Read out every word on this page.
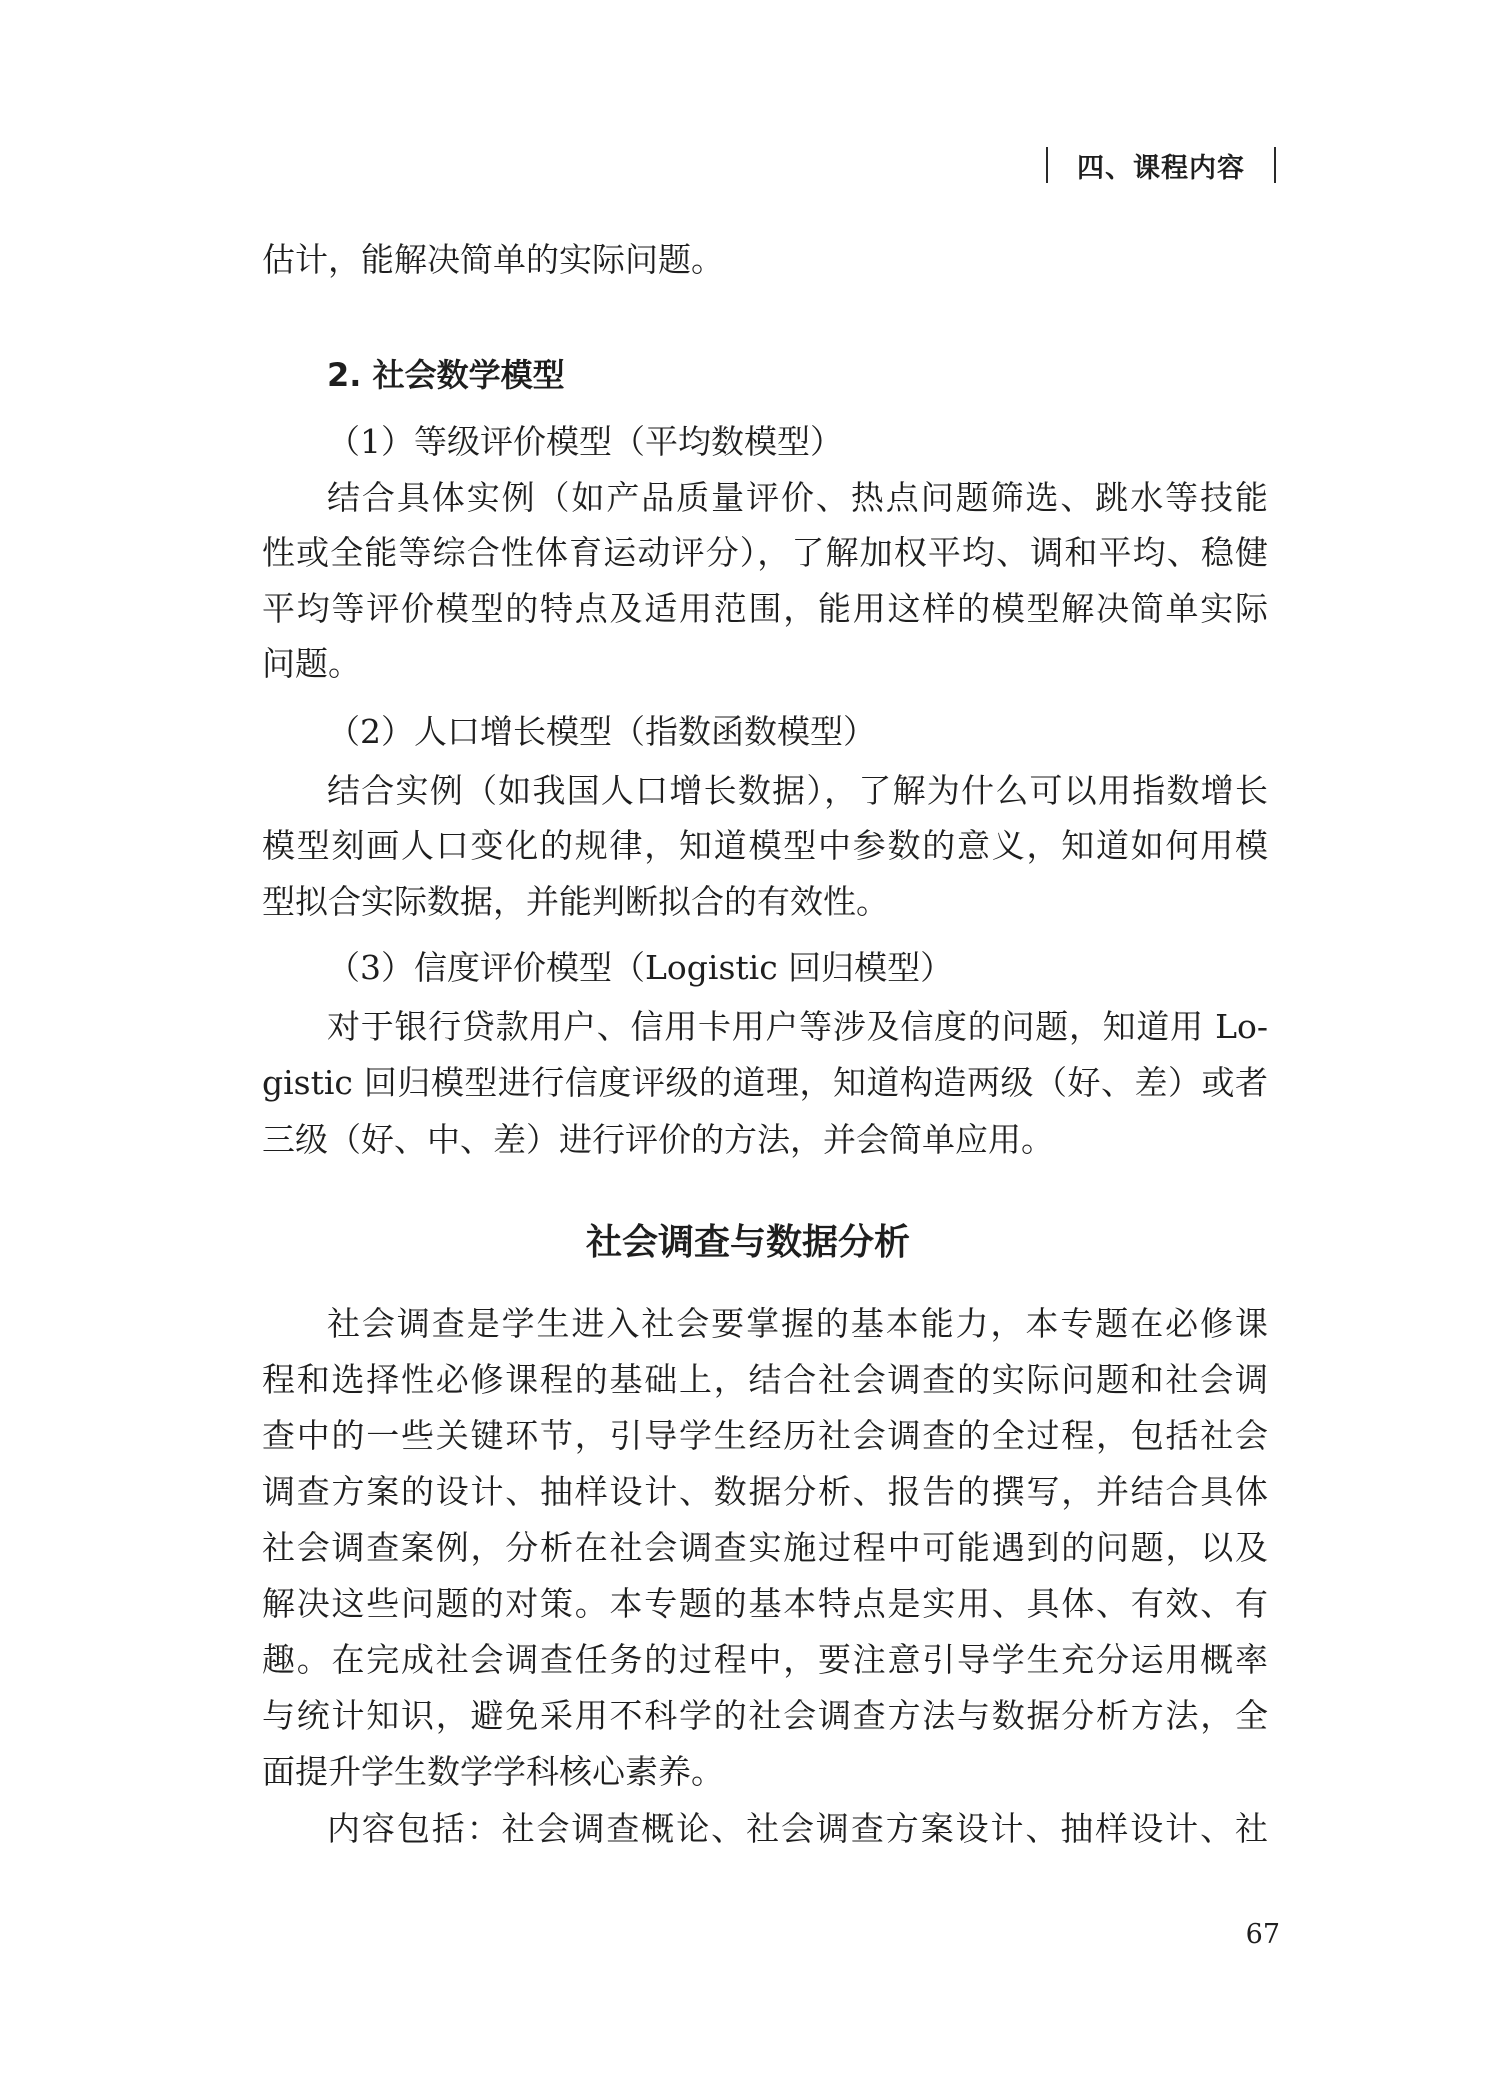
四、课程内容
估计，能解决简单的实际问题。
2. 社会数学模型
（1）等级评价模型（平均数模型）
结合具体实例（如产品质量评价、热点问题筛选、跳水等技能
性或全能等综合性体育运动评分），了解加权平均、调和平均、稳健
平均等评价模型的特点及适用范围，能用这样的模型解决简单实际
问题。
（2）人口增长模型（指数函数模型）
结合实例（如我国人口增长数据），了解为什么可以用指数增长
模型刻画人口变化的规律，知道模型中参数的意义，知道如何用模
型拟合实际数据，并能判断拟合的有效性。
（3）信度评价模型（Logistic 回归模型）
对于银行贷款用户、信用卡用户等涉及信度的问题，知道用 Lo-
gistic 回归模型进行信度评级的道理，知道构造两级（好、差）或者
三级（好、中、差）进行评价的方法，并会简单应用。
社会调查与数据分析
社会调查是学生进入社会要掌握的基本能力，本专题在必修课
程和选择性必修课程的基础上，结合社会调查的实际问题和社会调
查中的一些关键环节，引导学生经历社会调查的全过程，包括社会
调查方案的设计、抽样设计、数据分析、报告的撰写，并结合具体
社会调查案例，分析在社会调查实施过程中可能遇到的问题，以及
解决这些问题的对策。本专题的基本特点是实用、具体、有效、有
趣。在完成社会调查任务的过程中，要注意引导学生充分运用概率
与统计知识，避免采用不科学的社会调查方法与数据分析方法，全
面提升学生数学学科核心素养。
内容包括：社会调查概论、社会调查方案设计、抽样设计、社
67
